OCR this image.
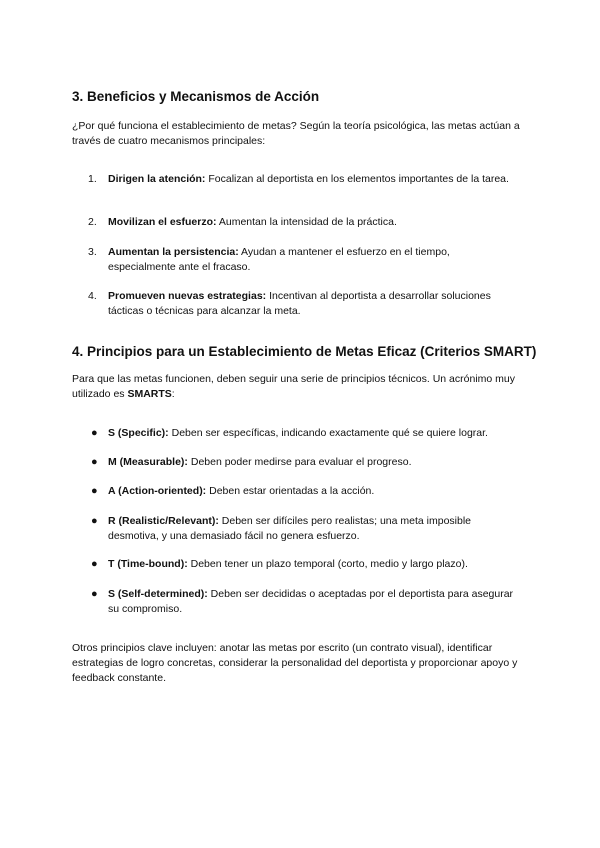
3. Beneficios y Mecanismos de Acción

¿Por qué funciona el establecimiento de metas? Según la teoría psicológica, las metas actúan a través de cuatro mecanismos principales:

1. Dirigen la atención: Focalizan al deportista en los elementos importantes de la tarea.

2. Movilizan el esfuerzo: Aumentan la intensidad de la práctica.

3. Aumentan la persistencia: Ayudan a mantener el esfuerzo en el tiempo, especialmente ante el fracaso.

4. Promueven nuevas estrategias: Incentivan al deportista a desarrollar soluciones tácticas o técnicas para alcanzar la meta.

4. Principios para un Establecimiento de Metas Eficaz (Criterios SMART)

Para que las metas funcionen, deben seguir una serie de principios técnicos. Un acrónimo muy utilizado es SMARTS:

● S (Specific): Deben ser específicas, indicando exactamente qué se quiere lograr.

● M (Measurable): Deben poder medirse para evaluar el progreso.

● A (Action-oriented): Deben estar orientadas a la acción.

● R (Realistic/Relevant): Deben ser difíciles pero realistas; una meta imposible desmotiva, y una demasiado fácil no genera esfuerzo.

● T (Time-bound): Deben tener un plazo temporal (corto, medio y largo plazo).

● S (Self-determined): Deben ser decididas o aceptadas por el deportista para asegurar su compromiso.

Otros principios clave incluyen: anotar las metas por escrito (un contrato visual), identificar estrategias de logro concretas, considerar la personalidad del deportista y proporcionar apoyo y feedback constante.
